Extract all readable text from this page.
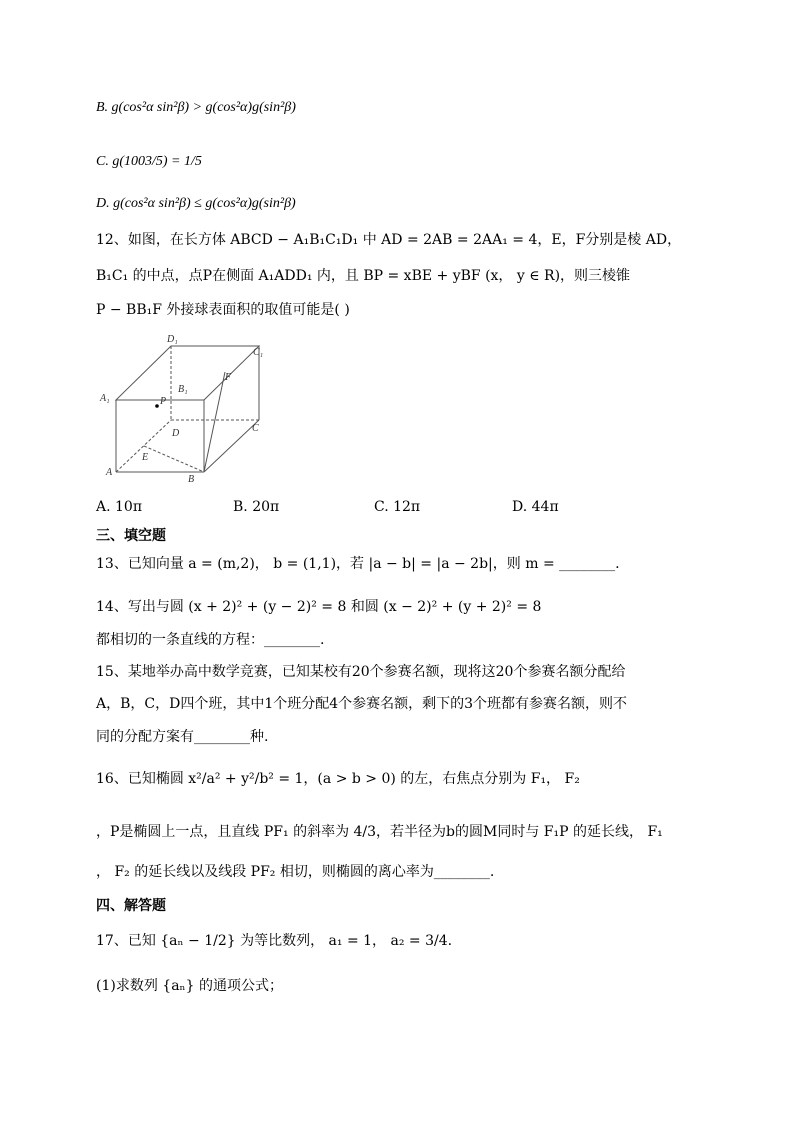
B. g(cos²α sin²β) > g(cos²α)g(sin²β)
C. g(1003/5) = 1/5
D. g(cos²α sin²β) ≤ g(cos²α)g(sin²β)
12、如图，在长方体 ABCD − A₁B₁C₁D₁ 中 AD = 2AB = 2AA₁ = 4，E，F分别是棱 AD，
B₁C₁ 的中点，点P在侧面 A₁ADD₁ 内，且 BP = xBE + yBF (x， y ∈ R)，则三棱锥
P − BB₁F 外接球表面积的取值可能是( )
D₁
C₁
B₁
A₁
F
P
D	C
E
A
B
A. 10π	B. 20π	C. 12π	D. 44π
三、填空题
13、已知向量 a = (m,2)， b = (1,1)，若 |a − b| = |a − 2b|，则 m = ________.
14、写出与圆 (x + 2)² + (y − 2)² = 8 和圆 (x − 2)² + (y + 2)² = 8
都相切的一条直线的方程：________.
15、某地举办高中数学竞赛，已知某校有20个参赛名额，现将这20个参赛名额分配给
A，B，C，D四个班，其中1个班分配4个参赛名额，剩下的3个班都有参赛名额，则不
同的分配方案有________种.
16、已知椭圆 x²/a² + y²/b² = 1，(a > b > 0) 的左，右焦点分别为 F₁， F₂
，P是椭圆上一点，且直线 PF₁ 的斜率为 4/3，若半径为b的圆M同时与 F₁P 的延长线， F₁
， F₂ 的延长线以及线段 PF₂ 相切，则椭圆的离心率为________.
四、解答题
17、已知 {aₙ − 1/2} 为等比数列， a₁ = 1， a₂ = 3/4.
(1)求数列 {aₙ} 的通项公式；
